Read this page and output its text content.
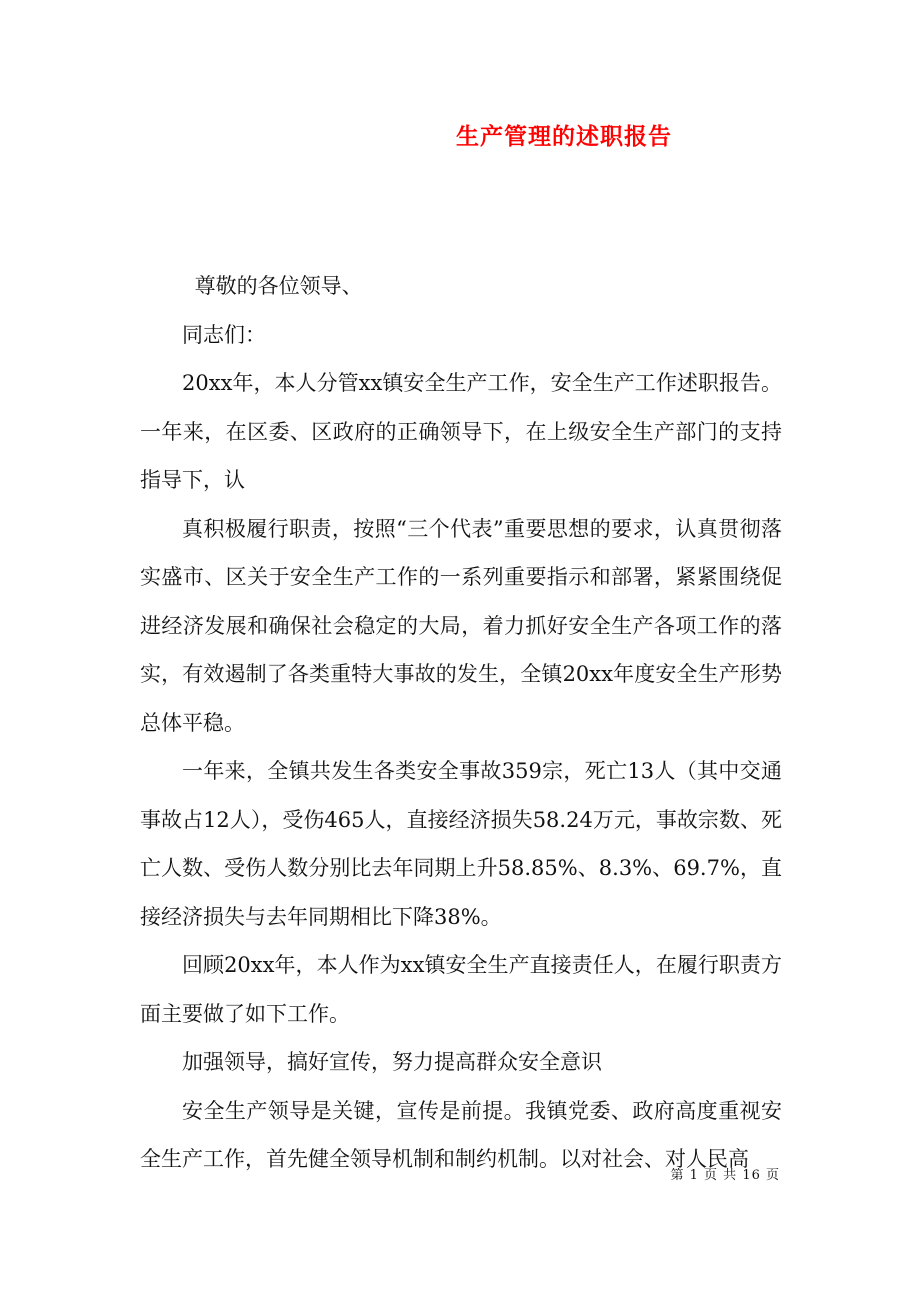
生产管理的述职报告

尊敬的各位领导、

同志们：

20xx年，本人分管xx镇安全生产工作，安全生产工作述职报告。一年来，在区委、区政府的正确领导下，在上级安全生产部门的支持指导下，认

真积极履行职责，按照“三个代表”重要思想的要求，认真贯彻落实盛市、区关于安全生产工作的一系列重要指示和部署，紧紧围绕促进经济发展和确保社会稳定的大局，着力抓好安全生产各项工作的落实，有效遏制了各类重特大事故的发生，全镇20xx年度安全生产形势总体平稳。

一年来，全镇共发生各类安全事故359宗，死亡13人（其中交通事故占12人），受伤465人，直接经济损失58.24万元，事故宗数、死亡人数、受伤人数分别比去年同期上升58.85%、8.3%、69.7%，直接经济损失与去年同期相比下降38%。

回顾20xx年，本人作为xx镇安全生产直接责任人，在履行职责方面主要做了如下工作。

加强领导，搞好宣传，努力提高群众安全意识

安全生产领导是关键，宣传是前提。我镇党委、政府高度重视安全生产工作，首先健全领导机制和制约机制。以对社会、对人民高

第 1 页 共 16 页
